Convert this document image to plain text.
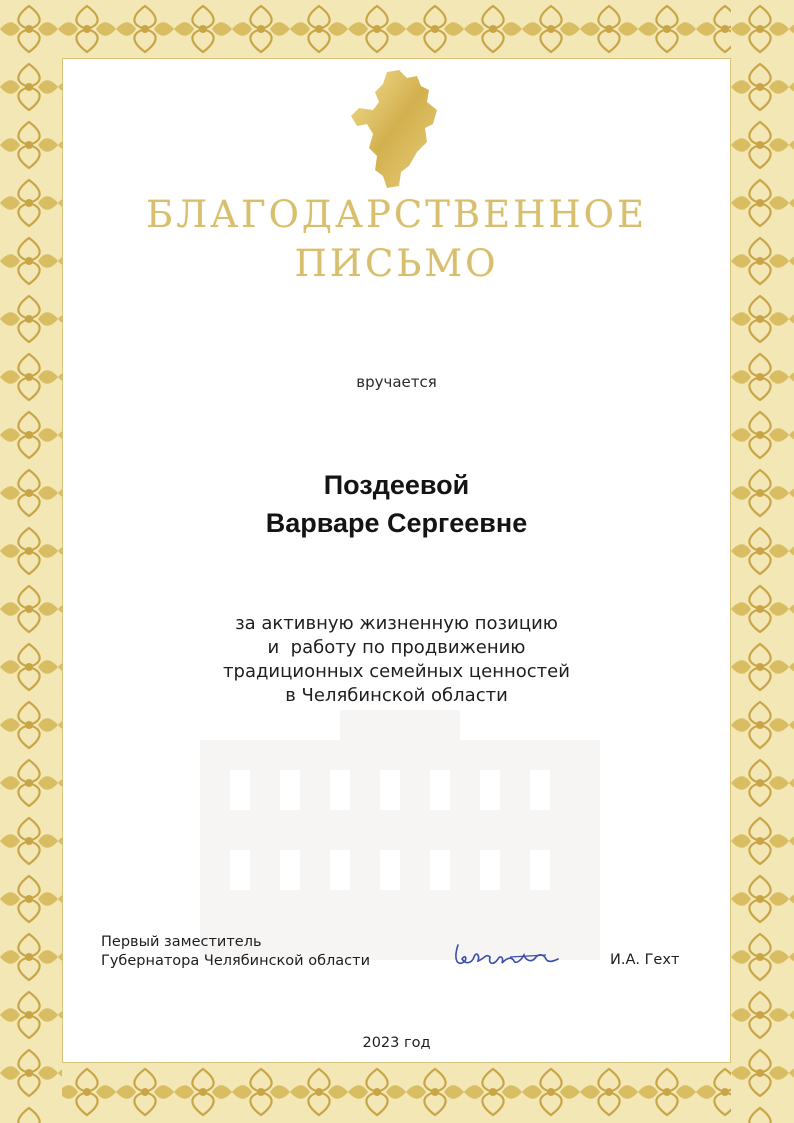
БЛАГОДАРСТВЕННОЕ
ПИСЬМО
вручается
Поздеевой
Варваре Сергеевне
за активную жизненную позицию
и  работу по продвижению
традиционных семейных ценностей
в Челябинской области
Первый заместитель
Губернатора Челябинской области	И.А. Гехт
2023 год
